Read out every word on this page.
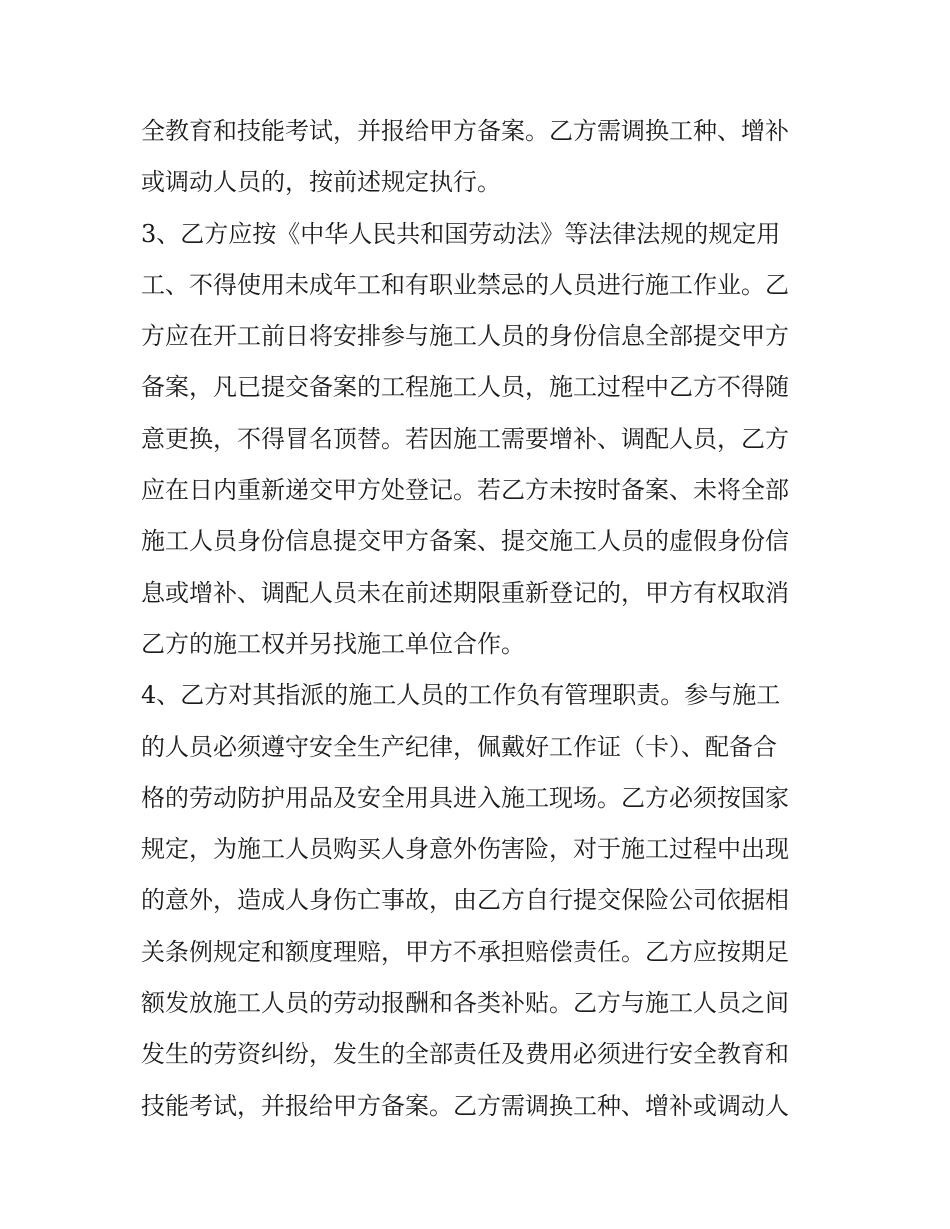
全教育和技能考试，并报给甲方备案。乙方需调换工种、增补
或调动人员的，按前述规定执行。
3、乙方应按《中华人民共和国劳动法》等法律法规的规定用
工、不得使用未成年工和有职业禁忌的人员进行施工作业。乙
方应在开工前日将安排参与施工人员的身份信息全部提交甲方
备案，凡已提交备案的工程施工人员，施工过程中乙方不得随
意更换，不得冒名顶替。若因施工需要增补、调配人员，乙方
应在日内重新递交甲方处登记。若乙方未按时备案、未将全部
施工人员身份信息提交甲方备案、提交施工人员的虚假身份信
息或增补、调配人员未在前述期限重新登记的，甲方有权取消
乙方的施工权并另找施工单位合作。
4、乙方对其指派的施工人员的工作负有管理职责。参与施工
的人员必须遵守安全生产纪律，佩戴好工作证（卡）、配备合
格的劳动防护用品及安全用具进入施工现场。乙方必须按国家
规定，为施工人员购买人身意外伤害险，对于施工过程中出现
的意外，造成人身伤亡事故，由乙方自行提交保险公司依据相
关条例规定和额度理赔，甲方不承担赔偿责任。乙方应按期足
额发放施工人员的劳动报酬和各类补贴。乙方与施工人员之间
发生的劳资纠纷，发生的全部责任及费用必须进行安全教育和
技能考试，并报给甲方备案。乙方需调换工种、增补或调动人
